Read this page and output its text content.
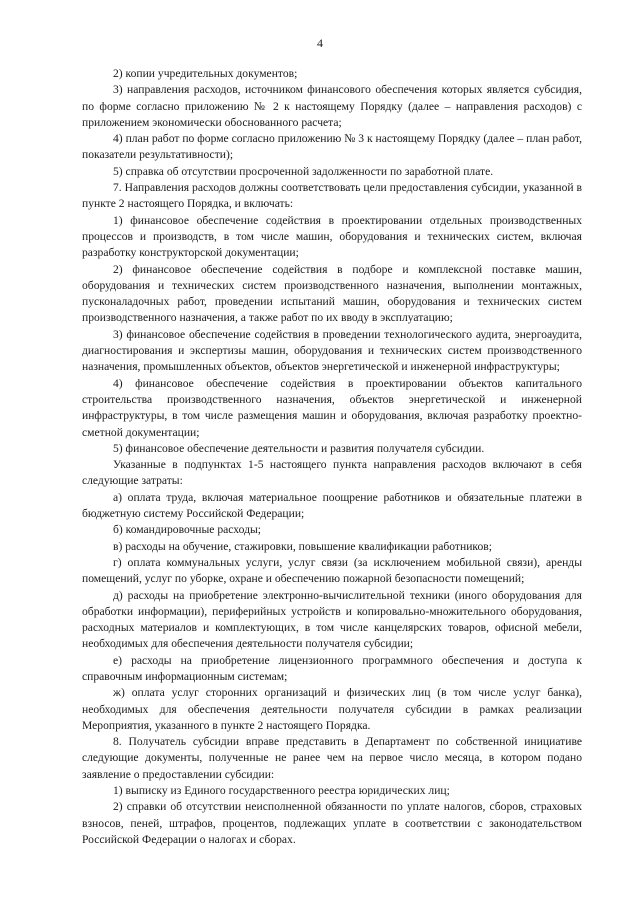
4

2) копии учредительных документов;

3) направления расходов, источником финансового обеспечения которых является субсидия, по форме согласно приложению № 2 к настоящему Порядку (далее – направления расходов) с приложением экономически обоснованного расчета;

4) план работ по форме согласно приложению № 3 к настоящему Порядку (далее – план работ, показатели результативности);

5) справка об отсутствии просроченной задолженности по заработной плате.

7. Направления расходов должны соответствовать цели предоставления субсидии, указанной в пункте 2 настоящего Порядка, и включать:

1) финансовое обеспечение содействия в проектировании отдельных производственных процессов и производств, в том числе машин, оборудования и технических систем, включая разработку конструкторской документации;

2) финансовое обеспечение содействия в подборе и комплексной поставке машин, оборудования и технических систем производственного назначения, выполнении монтажных, пусконаладочных работ, проведении испытаний машин, оборудования и технических систем производственного назначения, а также работ по их вводу в эксплуатацию;

3) финансовое обеспечение содействия в проведении технологического аудита, энергоаудита, диагностирования и экспертизы машин, оборудования и технических систем производственного назначения, промышленных объектов, объектов энергетической и инженерной инфраструктуры;

4) финансовое обеспечение содействия в проектировании объектов капитального строительства производственного назначения, объектов энергетической и инженерной инфраструктуры, в том числе размещения машин и оборудования, включая разработку проектно-сметной документации;

5) финансовое обеспечение деятельности и развития получателя субсидии.

Указанные в подпунктах 1-5 настоящего пункта направления расходов включают в себя следующие затраты:

а) оплата труда, включая материальное поощрение работников и обязательные платежи в бюджетную систему Российской Федерации;

б) командировочные расходы;

в) расходы на обучение, стажировки, повышение квалификации работников;

г) оплата коммунальных услуги, услуг связи (за исключением мобильной связи), аренды помещений, услуг по уборке, охране и обеспечению пожарной безопасности помещений;

д) расходы на приобретение электронно-вычислительной техники (иного оборудования для обработки информации), периферийных устройств и копировально-множительного оборудования, расходных материалов и комплектующих, в том числе канцелярских товаров, офисной мебели, необходимых для обеспечения деятельности получателя субсидии;

е) расходы на приобретение лицензионного программного обеспечения и доступа к справочным информационным системам;

ж) оплата услуг сторонних организаций и физических лиц (в том числе услуг банка), необходимых для обеспечения деятельности получателя субсидии в рамках реализации Мероприятия, указанного в пункте 2 настоящего Порядка.

8. Получатель субсидии вправе представить в Департамент по собственной инициативе следующие документы, полученные не ранее чем на первое число месяца, в котором подано заявление о предоставлении субсидии:

1) выписку из Единого государственного реестра юридических лиц;

2) справки об отсутствии неисполненной обязанности по уплате налогов, сборов, страховых взносов, пеней, штрафов, процентов, подлежащих уплате в соответствии с законодательством Российской Федерации о налогах и сборах.
